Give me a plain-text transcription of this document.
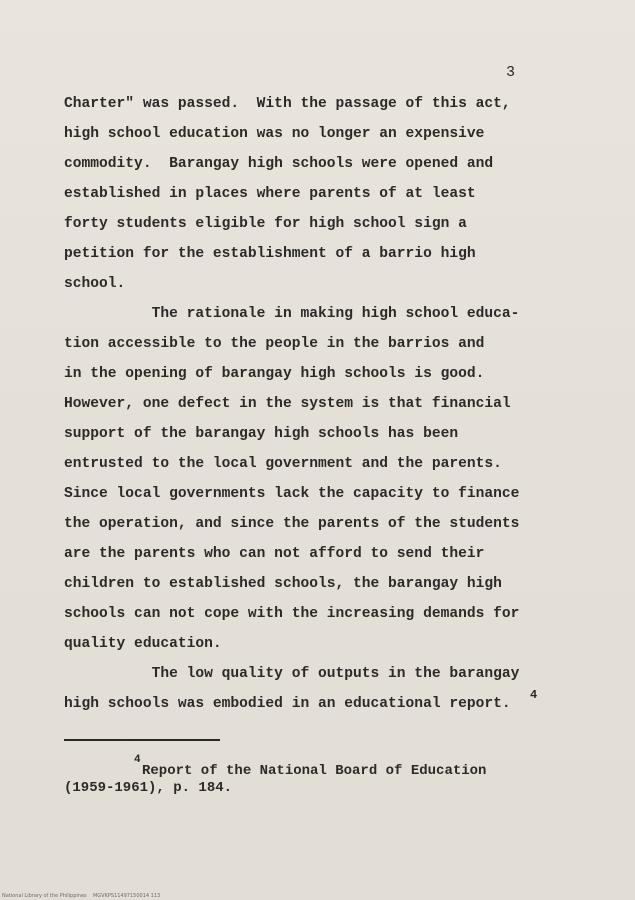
3
Charter" was passed.  With the passage of this act,
high school education was no longer an expensive
commodity.  Barangay high schools were opened and
established in places where parents of at least
forty students eligible for high school sign a
petition for the establishment of a barrio high
school.
The rationale in making high school educa-
tion accessible to the people in the barrios and
in the opening of barangay high schools is good.
However, one defect in the system is that financial
support of the barangay high schools has been
entrusted to the local government and the parents.
Since local governments lack the capacity to finance
the operation, and since the parents of the students
are the parents who can not afford to send their
children to established schools, the barangay high
schools can not cope with the increasing demands for
quality education.
The low quality of outputs in the barangay
high schools was embodied in an educational report.
4
4
Report of the National Board of Education
(1959-1961), p. 184.
National Library of the Philippines    MGVKPS11497150014 113
